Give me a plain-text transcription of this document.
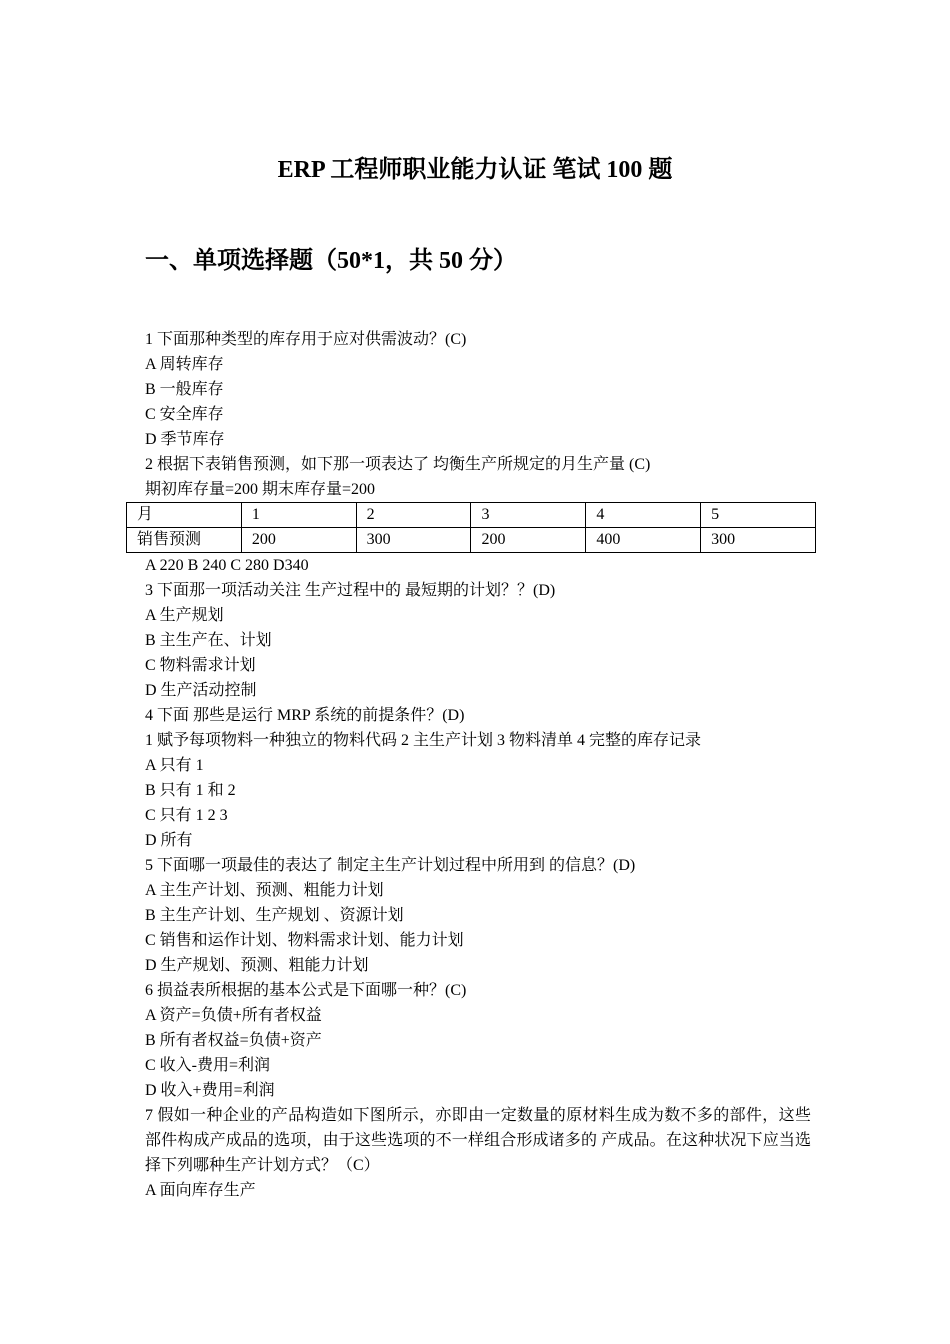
ERP 工程师职业能力认证 笔试 100 题
一、单项选择题（50*1，共 50 分）
1 下面那种类型的库存用于应对供需波动？(C)
A 周转库存
B 一般库存
C 安全库存
D 季节库存
2 根据下表销售预测，如下那一项表达了 均衡生产所规定的月生产量 (C)
期初库存量=200 期末库存量=200
月	1	2	3	4	5
销售预测	200	300	200	400	300
A 220 B 240 C 280 D340
3 下面那一项活动关注 生产过程中的 最短期的计划？？(D)
A 生产规划
B 主生产在、计划
C 物料需求计划
D 生产活动控制
4 下面 那些是运行 MRP 系统的前提条件？(D)
1 赋予每项物料一种独立的物料代码 2 主生产计划 3 物料清单 4 完整的库存记录
A 只有 1
B 只有 1 和 2
C 只有 1 2 3
D 所有
5 下面哪一项最佳的表达了 制定主生产计划过程中所用到 的信息？(D)
A 主生产计划、预测、粗能力计划
B 主生产计划、生产规划 、资源计划
C 销售和运作计划、物料需求计划、能力计划
D 生产规划、预测、粗能力计划
6 损益表所根据的基本公式是下面哪一种？(C)
A 资产=负债+所有者权益
B 所有者权益=负债+资产
C 收入-费用=利润
D 收入+费用=利润
7 假如一种企业的产品构造如下图所示，亦即由一定数量的原材料生成为数不多的部件，这些部件构成产成品的选项，由于这些选项的不一样组合形成诸多的 产成品。在这种状况下应当选择下列哪种生产计划方式？（C）
A 面向库存生产
